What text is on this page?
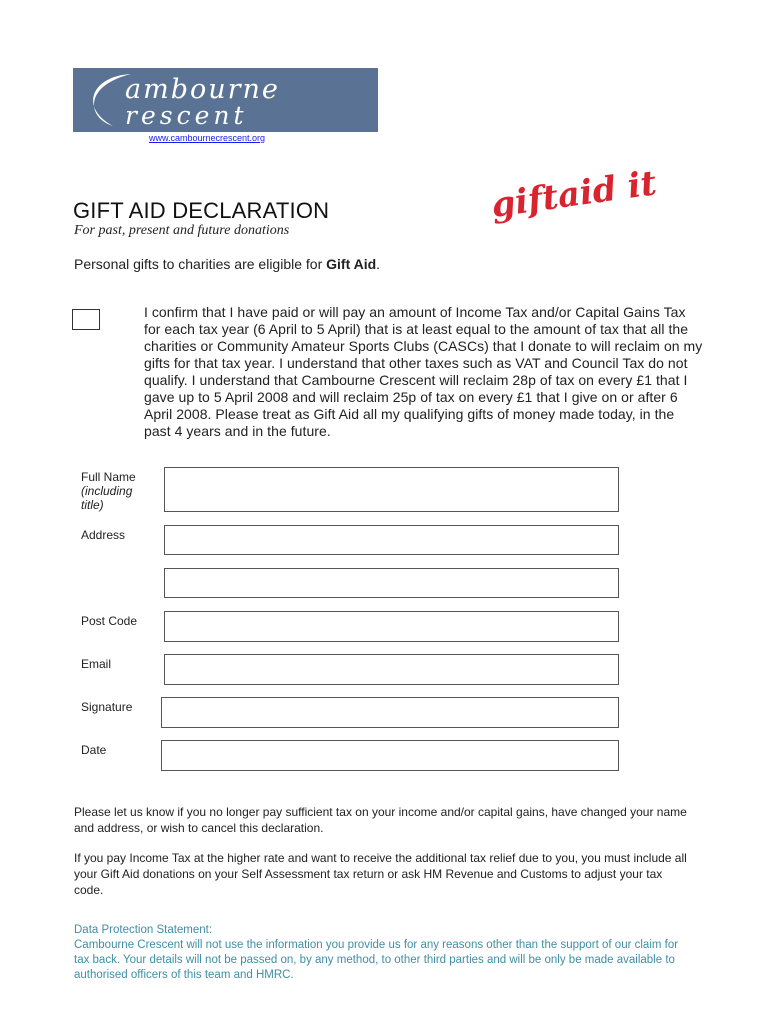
ambourne
rescent
www.cambournecrescent.org
giftaid it
GIFT AID DECLARATION
For past, present and future donations
Personal gifts to charities are eligible for Gift Aid.
I confirm that I have paid or will pay an amount of Income Tax and/or Capital Gains Tax for each tax year (6 April to 5 April) that is at least equal to the amount of tax that all the charities or Community Amateur Sports Clubs (CASCs) that I donate to will reclaim on my gifts for that tax year. I understand that other taxes such as VAT and Council Tax do not qualify. I understand that Cambourne Crescent will reclaim 28p of tax on every £1 that I gave up to 5 April 2008 and will reclaim 25p of tax on every £1 that I give on or after 6 April 2008. Please treat as Gift Aid all my qualifying gifts of money made today, in the past 4 years and in the future.
Full Name
(including
title)
Address
Post Code
Email
Signature
Date
Please let us know if you no longer pay sufficient tax on your income and/or capital gains, have changed your name and address, or wish to cancel this declaration.
If you pay Income Tax at the higher rate and want to receive the additional tax relief due to you, you must include all your Gift Aid donations on your Self Assessment tax return or ask HM Revenue and Customs to adjust your tax code.
Data Protection Statement:
Cambourne Crescent will not use the information you provide us for any reasons other than the support of our claim for tax back. Your details will not be passed on, by any method, to other third parties and will be only be made available to authorised officers of this team and HMRC.
